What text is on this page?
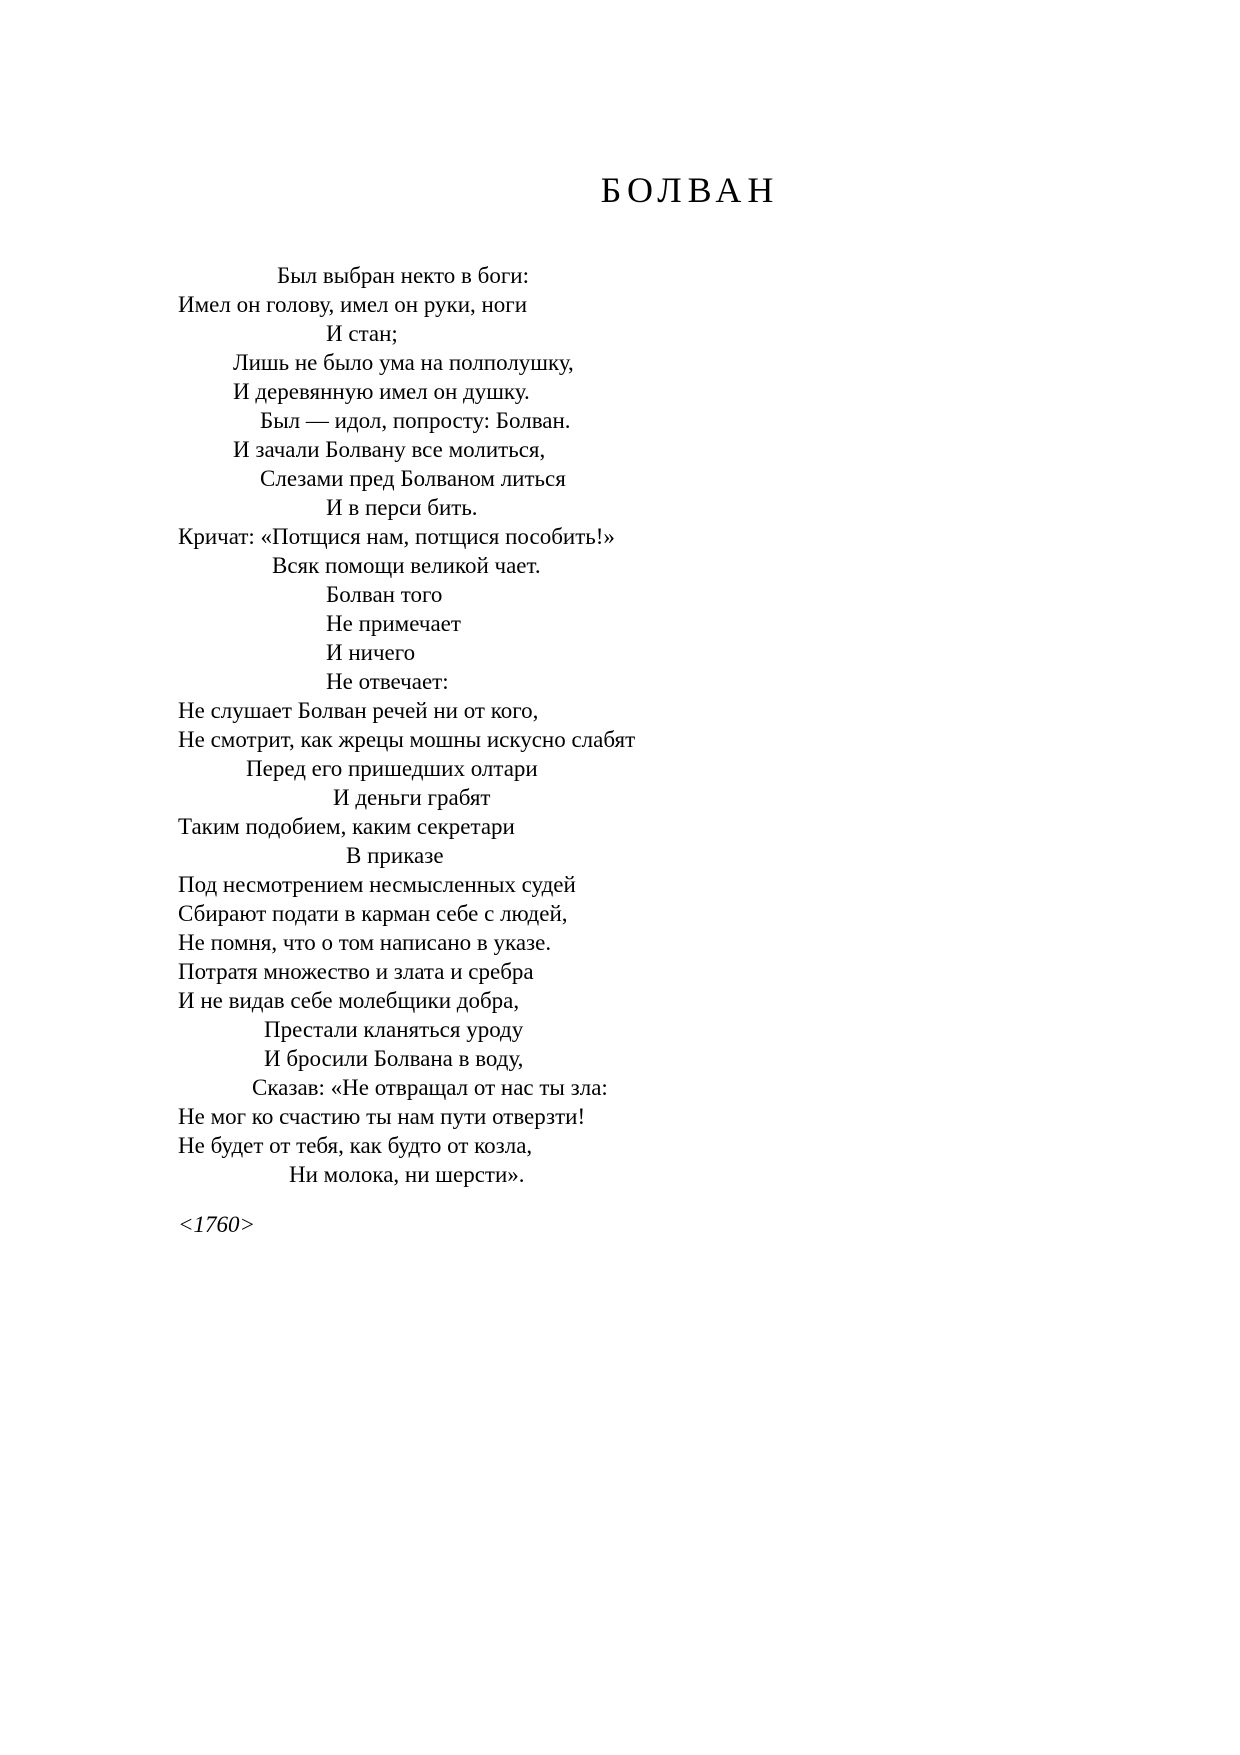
БОЛВАН
Был выбран некто в боги:
Имел он голову, имел он руки, ноги
И стан;
Лишь не было ума на полполушку,
И деревянную имел он душку.
Был — идол, попросту: Болван.
И зачали Болвану все молиться,
Слезами пред Болваном литься
И в перси бить.
Кричат: «Потщися нам, потщися пособить!»
Всяк помощи великой чает.
Болван того
Не примечает
И ничего
Не отвечает:
Не слушает Болван речей ни от кого,
Не смотрит, как жрецы мошны искусно слабят
Перед его пришедших олтари
И деньги грабят
Таким подобием, каким секретари
В приказе
Под несмотрением несмысленных судей
Сбирают подати в карман себе с людей,
Не помня, что о том написано в указе.
Потратя множество и злата и сребра
И не видав себе молебщики добра,
Престали кланяться уроду
И бросили Болвана в воду,
Сказав: «Не отвращал от нас ты зла:
Не мог ко счастию ты нам пути отверзти!
Не будет от тебя, как будто от козла,
Ни молока, ни шерсти».
<1760>
